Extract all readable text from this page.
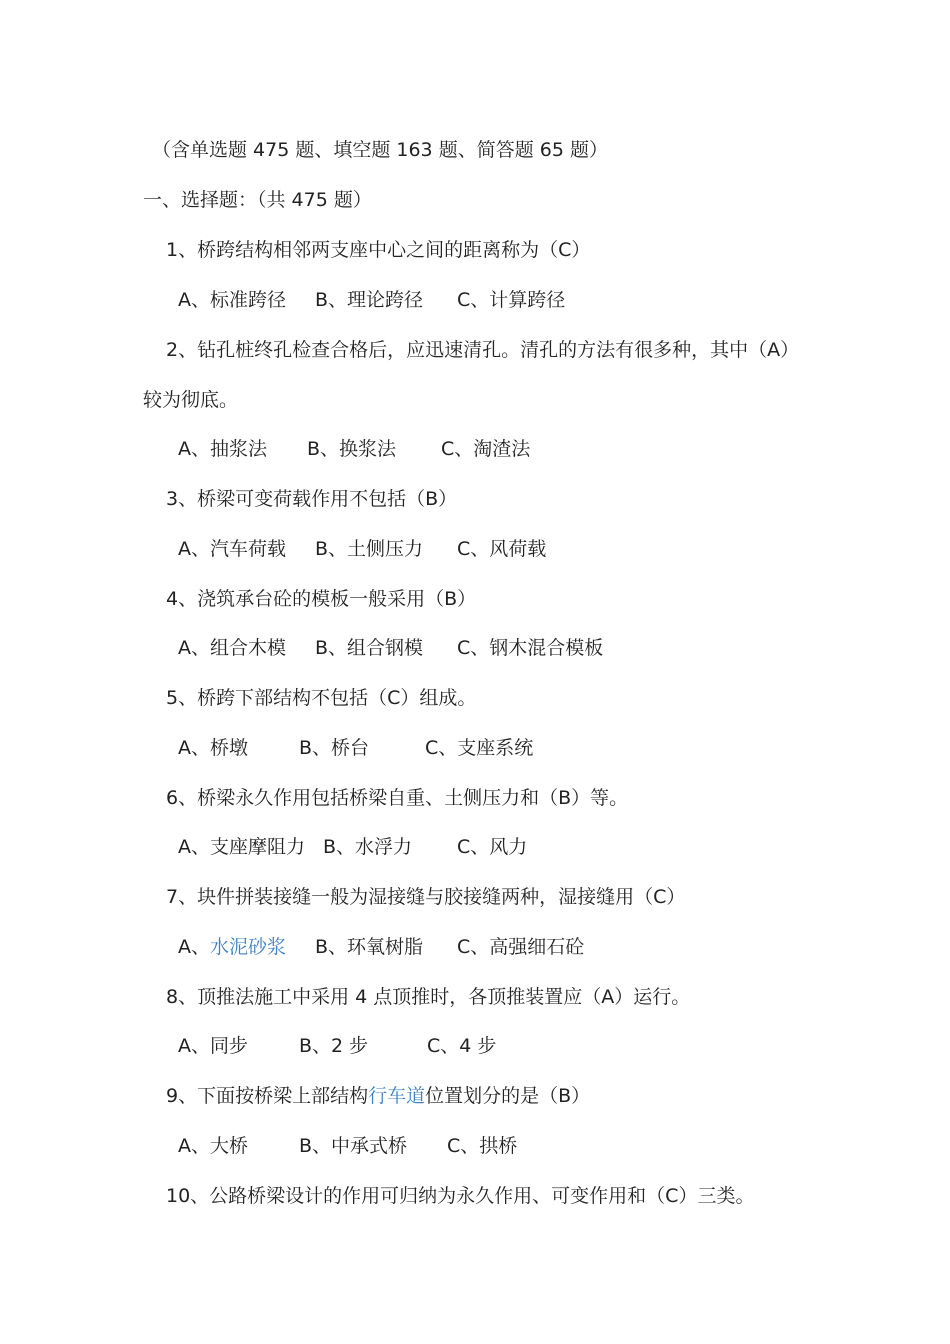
（含单选题 475 题、填空题 163 题、简答题 65 题）
一、选择题：（共 475 题）
1、桥跨结构相邻两支座中心之间的距离称为（C）
A、标准跨径 B、理论跨径 C、计算跨径
2、钻孔桩终孔检查合格后，应迅速清孔。清孔的方法有很多种，其中（A）
较为彻底。
A、抽浆法 B、换浆法 C、淘渣法
3、桥梁可变荷载作用不包括（B）
A、汽车荷载 B、土侧压力 C、风荷载
4、浇筑承台砼的模板一般采用（B）
A、组合木模 B、组合钢模 C、钢木混合模板
5、桥跨下部结构不包括（C）组成。
A、桥墩	B、桥台	C、支座系统
6、桥梁永久作用包括桥梁自重、土侧压力和（B）等。
A、支座摩阻力 B、水浮力 C、风力
7、块件拼装接缝一般为湿接缝与胶接缝两种，湿接缝用（C）
A、水泥砂浆 B、环氧树脂 C、高强细石砼
8、顶推法施工中采用 4 点顶推时，各顶推装置应（A）运行。
A、同步	B、2 步	C、4 步
9、下面按桥梁上部结构行车道位置划分的是（B）
A、大桥	B、中承式桥 C、拱桥
10、公路桥梁设计的作用可归纳为永久作用、可变作用和（C）三类。
